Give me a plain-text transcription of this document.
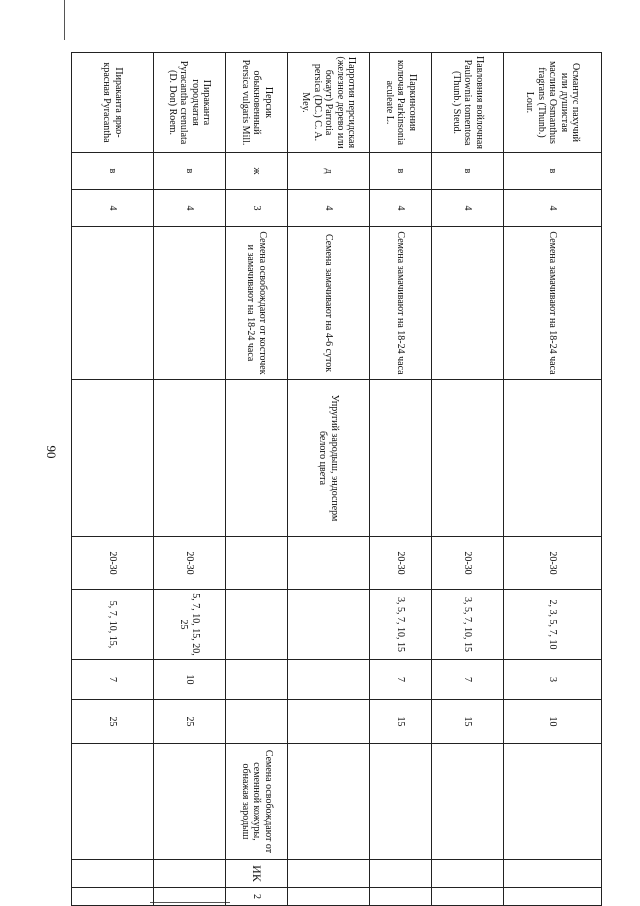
90
Османтус пахучий или душистая маслина Osmanthus fragrans (Thunb.) Lour.	в	4	Семена замачивают на 18-24 часа		20-30	2, 3, 5, 7, 10	3	10			
Павловния войлочная Paulownia tomentosa (Thunb.) Steud.	в	4			20-30	3, 5, 7, 10, 15	7	15			
Паркинсония колючая Parkinsonia aculeate L.	в	4	Семена замачивают на 18-24 часа		20-30	3, 5, 7, 10, 15	7	15			
Парротия персидская (железное дерево или бокаут) Parrotia persica (DC.) C. A. Mey.	д	4	Семена замачивают на 4-6 суток	Упругий зародыш, эндосперм белого цвета							
Персик обыкновенный Persica vulgaris Mill.	ж	3	Семена освобождают от косточек и замачивают на 18-24 часа						Семена освобождают от семенной кожуры, обнажая зародыш	ИК	2
Пираканта городчатая Pyracantha crenulata (D. Don) Roem.	в	4			20-30	5, 7, 10, 15, 20, 25	10	25			
Пираканта ярко-красная Pyracantha	в	4			20-30	5, 7, 10, 15,	7	25			
